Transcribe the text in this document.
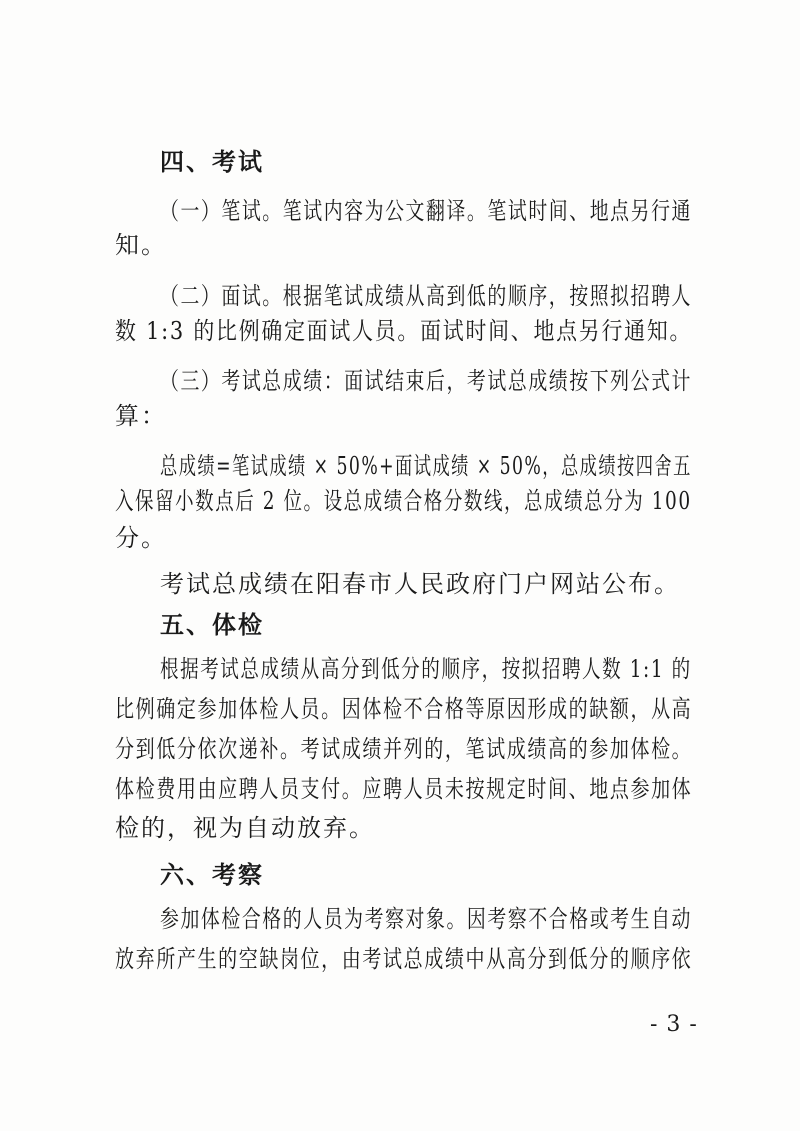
四、考试
（一）笔试。笔试内容为公文翻译。笔试时间、地点另行通
知。
（二）面试。根据笔试成绩从高到低的顺序，按照拟招聘人
数 1:3 的比例确定面试人员。面试时间、地点另行通知。
（三）考试总成绩：面试结束后，考试总成绩按下列公式计
算：
总成绩=笔试成绩 × 50%+面试成绩 × 50%，总成绩按四舍五
入保留小数点后 2 位。设总成绩合格分数线，总成绩总分为 100
分。
考试总成绩在阳春市人民政府门户网站公布。
五、体检
根据考试总成绩从高分到低分的顺序，按拟招聘人数 1:1 的
比例确定参加体检人员。因体检不合格等原因形成的缺额，从高
分到低分依次递补。考试成绩并列的，笔试成绩高的参加体检。
体检费用由应聘人员支付。应聘人员未按规定时间、地点参加体
检的，视为自动放弃。
六、考察
参加体检合格的人员为考察对象。因考察不合格或考生自动
放弃所产生的空缺岗位，由考试总成绩中从高分到低分的顺序依
- 3 -
